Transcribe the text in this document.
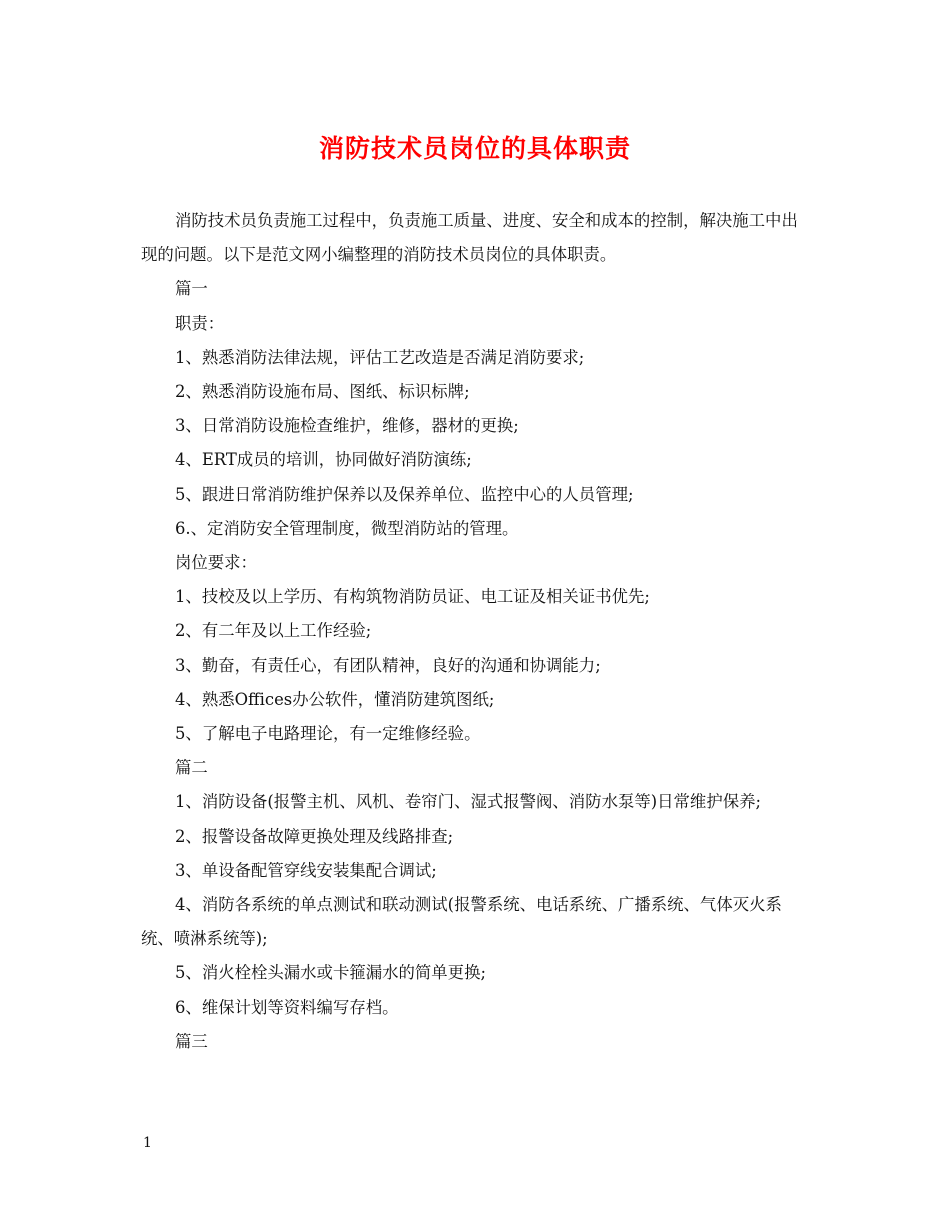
消防技术员岗位的具体职责

消防技术员负责施工过程中，负责施工质量、进度、安全和成本的控制，解决施工中出现的问题。以下是范文网小编整理的消防技术员岗位的具体职责。

篇一

职责：

1、熟悉消防法律法规，评估工艺改造是否满足消防要求;

2、熟悉消防设施布局、图纸、标识标牌;

3、日常消防设施检查维护，维修，器材的更换;

4、ERT成员的培训，协同做好消防演练;

5、跟进日常消防维护保养以及保养单位、监控中心的人员管理;

6.、定消防安全管理制度，微型消防站的管理。

岗位要求：

1、技校及以上学历、有构筑物消防员证、电工证及相关证书优先;

2、有二年及以上工作经验;

3、勤奋，有责任心，有团队精神，良好的沟通和协调能力;

4、熟悉Offices办公软件，懂消防建筑图纸;

5、了解电子电路理论，有一定维修经验。

篇二

1、消防设备(报警主机、风机、卷帘门、湿式报警阀、消防水泵等)日常维护保养;

2、报警设备故障更换处理及线路排查;

3、单设备配管穿线安装集配合调试;

4、消防各系统的单点测试和联动测试(报警系统、电话系统、广播系统、气体灭火系统、喷淋系统等);

5、消火栓栓头漏水或卡箍漏水的简单更换;

6、维保计划等资料编写存档。

篇三

1
